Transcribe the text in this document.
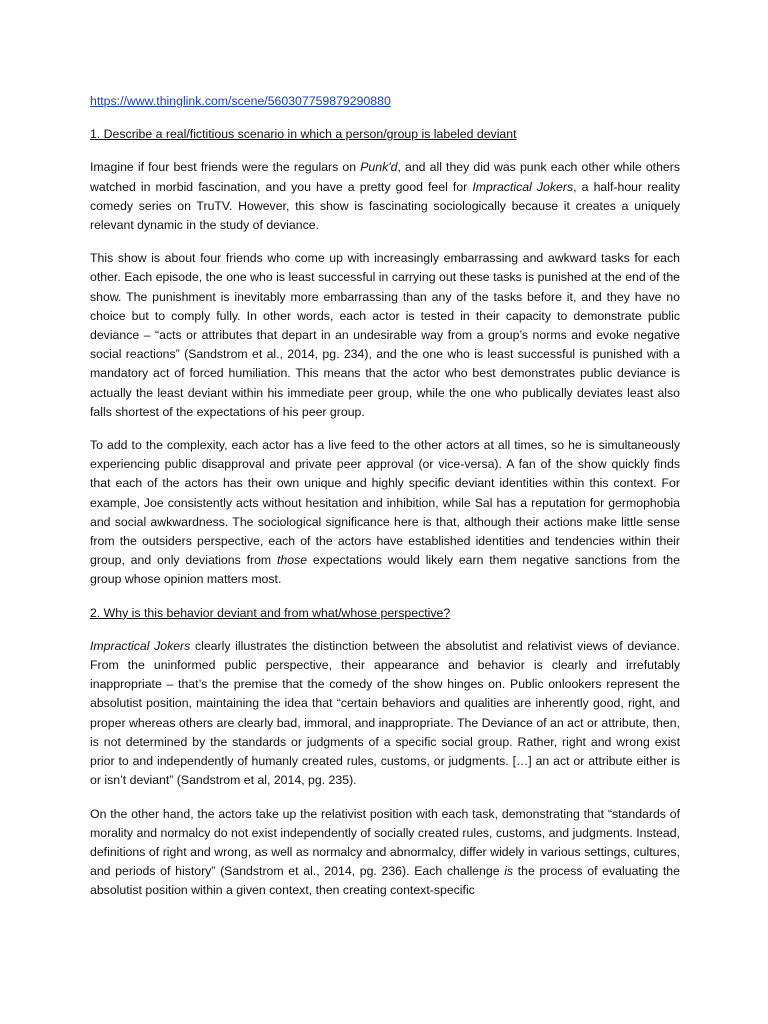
https://www.thinglink.com/scene/560307759879290880

1. Describe a real/fictitious scenario in which a person/group is labeled deviant

Imagine if four best friends were the regulars on Punk'd, and all they did was punk each other while others watched in morbid fascination, and you have a pretty good feel for Impractical Jokers, a half-hour reality comedy series on TruTV. However, this show is fascinating sociologically because it creates a uniquely relevant dynamic in the study of deviance.

This show is about four friends who come up with increasingly embarrassing and awkward tasks for each other. Each episode, the one who is least successful in carrying out these tasks is punished at the end of the show. The punishment is inevitably more embarrassing than any of the tasks before it, and they have no choice but to comply fully. In other words, each actor is tested in their capacity to demonstrate public deviance – “acts or attributes that depart in an undesirable way from a group’s norms and evoke negative social reactions” (Sandstrom et al., 2014, pg. 234), and the one who is least successful is punished with a mandatory act of forced humiliation. This means that the actor who best demonstrates public deviance is actually the least deviant within his immediate peer group, while the one who publically deviates least also falls shortest of the expectations of his peer group.

To add to the complexity, each actor has a live feed to the other actors at all times, so he is simultaneously experiencing public disapproval and private peer approval (or vice-versa). A fan of the show quickly finds that each of the actors has their own unique and highly specific deviant identities within this context. For example, Joe consistently acts without hesitation and inhibition, while Sal has a reputation for germophobia and social awkwardness. The sociological significance here is that, although their actions make little sense from the outsiders perspective, each of the actors have established identities and tendencies within their group, and only deviations from those expectations would likely earn them negative sanctions from the group whose opinion matters most.

2. Why is this behavior deviant and from what/whose perspective?

Impractical Jokers clearly illustrates the distinction between the absolutist and relativist views of deviance. From the uninformed public perspective, their appearance and behavior is clearly and irrefutably inappropriate – that’s the premise that the comedy of the show hinges on. Public onlookers represent the absolutist position, maintaining the idea that “certain behaviors and qualities are inherently good, right, and proper whereas others are clearly bad, immoral, and inappropriate. The Deviance of an act or attribute, then, is not determined by the standards or judgments of a specific social group. Rather, right and wrong exist prior to and independently of humanly created rules, customs, or judgments. […] an act or attribute either is or isn’t deviant” (Sandstrom et al, 2014, pg. 235).

On the other hand, the actors take up the relativist position with each task, demonstrating that “standards of morality and normalcy do not exist independently of socially created rules, customs, and judgments. Instead, definitions of right and wrong, as well as normalcy and abnormalcy, differ widely in various settings, cultures, and periods of history” (Sandstrom et al., 2014, pg. 236). Each challenge is the process of evaluating the absolutist position within a given context, then creating context-specific
